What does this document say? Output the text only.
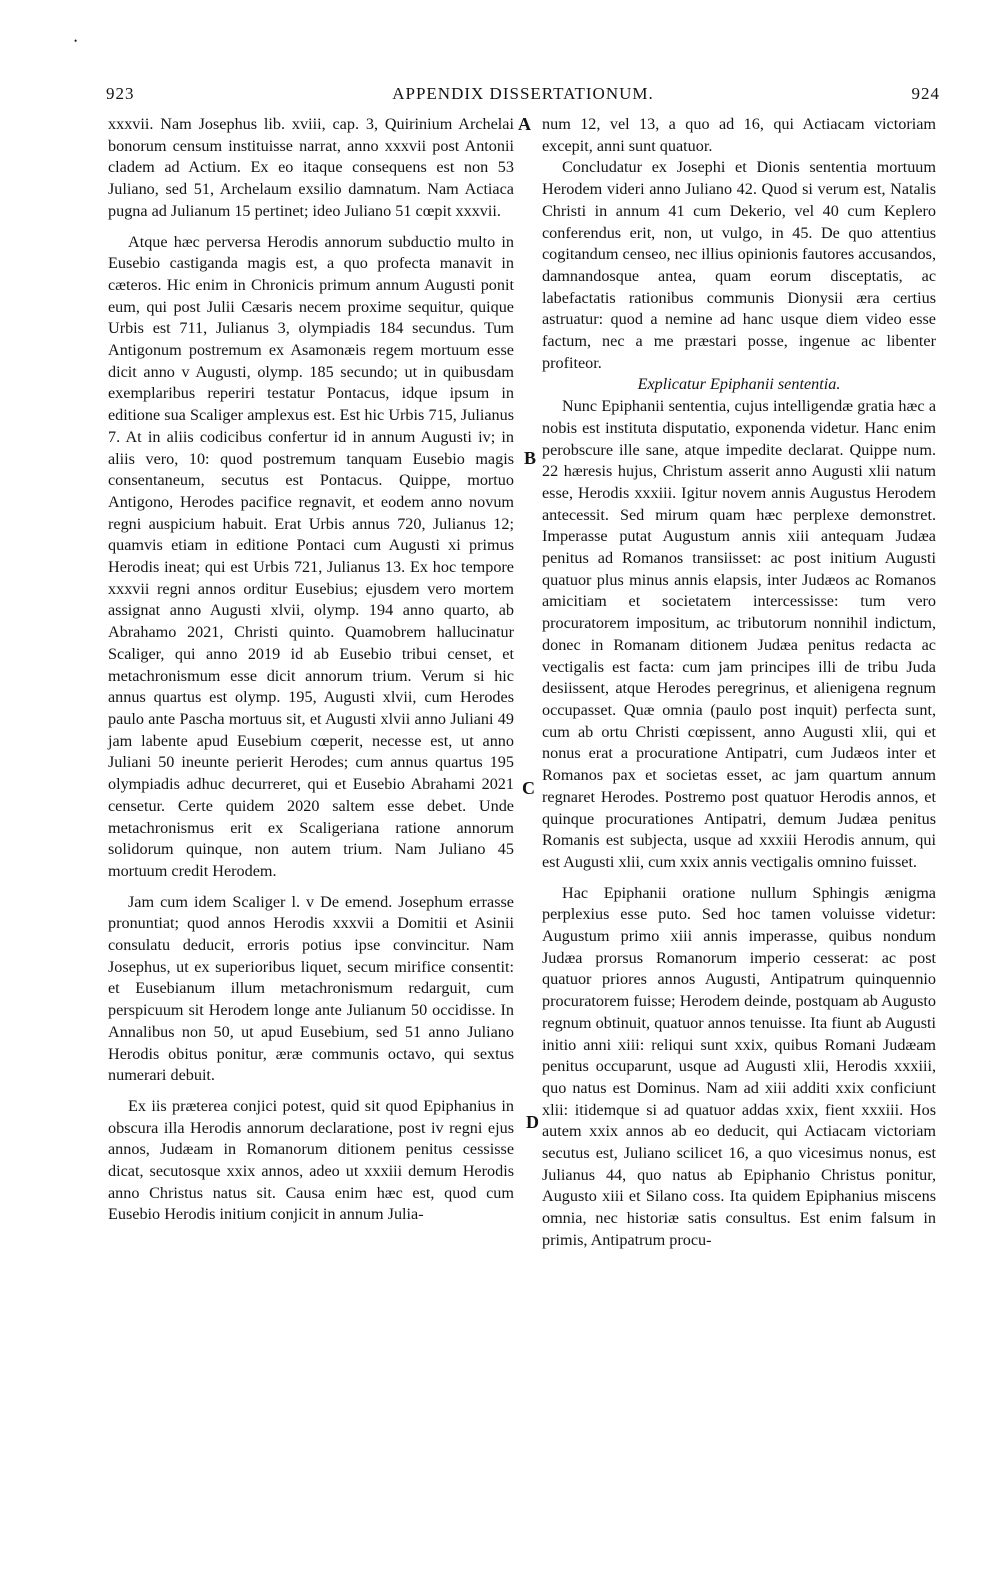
•
APPENDIX DISSERTATIONUM.
923	924

xxxvii. Nam Josephus lib. xviii, cap. 3, Quirinium Archelai bonorum censum instituisse narrat, anno xxxvii post Antonii cladem ad Actium. Ex eo itaque consequens est non 53 Juliano, sed 51, Archelaum exsilio damnatum. Nam Actiaca pugna ad Julianum 15 pertinet; ideo Juliano 51 cœpit xxxvii.

Atque hæc perversa Herodis annorum subductio multo in Eusebio castiganda magis est, a quo profecta manavit in cæteros. Hic enim in Chronicis primum annum Augusti ponit eum, qui post Julii Cæsaris necem proxime sequitur, quique Urbis est 711, Julianus 3, olympiadis 184 secundus. Tum Antigonum postremum ex Asamonæis regem mortuum esse dicit anno v Augusti, olymp. 185 secundo; ut in quibusdam exemplaribus reperiri testatur Pontacus, idque ipsum in editione sua Scaliger amplexus est. Est hic Urbis 715, Julianus 7. At in aliis codicibus confertur id in annum Augusti iv; in aliis vero, 10: quod postremum tanquam Eusebio magis consentaneum, secutus est Pontacus. Quippe, mortuo Antigono, Herodes pacifice regnavit, et eodem anno novum regni auspicium habuit. Erat Urbis annus 720, Julianus 12; quamvis etiam in editione Pontaci cum Augusti xi primus Herodis ineat; qui est Urbis 721, Julianus 13. Ex hoc tempore xxxvii regni annos orditur Eusebius; ejusdem vero mortem assignat anno Augusti xlvii, olymp. 194 anno quarto, ab Abrahamo 2021, Christi quinto. Quamobrem hallucinatur Scaliger, qui anno 2019 id ab Eusebio tribui censet, et metachronismum esse dicit annorum trium. Verum si hic annus quartus est olymp. 195, Augusti xlvii, cum Herodes paulo ante Pascha mortuus sit, et Augusti xlvii anno Juliani 49 jam labente apud Eusebium cœperit, necesse est, ut anno Juliani 50 ineunte perierit Herodes; cum annus quartus 195 olympiadis adhuc decurreret, qui et Eusebio Abrahami 2021 censetur. Certe quidem 2020 saltem esse debet. Unde metachronismus erit ex Scaligeriana ratione annorum solidorum quinque, non autem trium. Nam Juliano 45 mortuum credit Herodem.

Jam cum idem Scaliger l. v De emend. Josephum errasse pronuntiat; quod annos Herodis xxxvii a Domitii et Asinii consulatu deducit, erroris potius ipse convincitur. Nam Josephus, ut ex superioribus liquet, secum mirifice consentit: et Eusebianum illum metachronismum redarguit, cum perspicuum sit Herodem longe ante Julianum 50 occidisse. In Annalibus non 50, ut apud Eusebium, sed 51 anno Juliano Herodis obitus ponitur, æræ communis octavo, qui sextus numerari debuit.

Ex iis præterea conjici potest, quid sit quod Epiphanius in obscura illa Herodis annorum declaratione, post iv regni ejus annos, Judæam in Romanorum ditionem penitus cessisse dicat, secutosque xxix annos, adeo ut xxxiii demum Herodis anno Christus natus sit. Causa enim hæc est, quod cum Eusebio Herodis initium conjicit in annum Julia-

num 12, vel 13, a quo ad 16, qui Actiacam victoriam excepit, anni sunt quatuor.

Concludatur ex Josephi et Dionis sententia mortuum Herodem videri anno Juliano 42. Quod si verum est, Natalis Christi in annum 41 cum Dekerio, vel 40 cum Keplero conferendus erit, non, ut vulgo, in 45. De quo attentius cogitandum censeo, nec illius opinionis fautores accusandos, damnandosque antea, quam eorum disceptatis, ac labefactatis rationibus communis Dionysii æra certius astruatur: quod a nemine ad hanc usque diem video esse factum, nec a me præstari posse, ingenue ac libenter profiteor.

Explicatur Epiphanii sententia.

Nunc Epiphanii sententia, cujus intelligendæ gratia hæc a nobis est instituta disputatio, exponenda videtur. Hanc enim perobscure ille sane, atque impedite declarat. Quippe num. 22 hæresis hujus, Christum asserit anno Augusti xlii natum esse, Herodis xxxiii. Igitur novem annis Augustus Herodem antecessit. Sed mirum quam hæc perplexe demonstret. Imperasse putat Augustum annis xiii antequam Judæa penitus ad Romanos transiisset: ac post initium Augusti quatuor plus minus annis elapsis, inter Judæos ac Romanos amicitiam et societatem intercessisse: tum vero procuratorem impositum, ac tributorum nonnihil indictum, donec in Romanam ditionem Judæa penitus redacta ac vectigalis est facta: cum jam principes illi de tribu Juda desiissent, atque Herodes peregrinus, et alienigena regnum occupasset. Quæ omnia (paulo post inquit) perfecta sunt, cum ab ortu Christi cœpissent, anno Augusti xlii, qui et nonus erat a procuratione Antipatri, cum Judæos inter et Romanos pax et societas esset, ac jam quartum annum regnaret Herodes. Postremo post quatuor Herodis annos, et quinque procurationes Antipatri, demum Judæa penitus Romanis est subjecta, usque ad xxxiii Herodis annum, qui est Augusti xlii, cum xxix annis vectigalis omnino fuisset.

Hac Epiphanii oratione nullum Sphingis ænigma perplexius esse puto. Sed hoc tamen voluisse videtur: Augustum primo xiii annis imperasse, quibus nondum Judæa prorsus Romanorum imperio cesserat: ac post quatuor priores annos Augusti, Antipatrum quinquennio procuratorem fuisse; Herodem deinde, postquam ab Augusto regnum obtinuit, quatuor annos tenuisse. Ita fiunt ab Augusti initio anni xiii: reliqui sunt xxix, quibus Romani Judæam penitus occuparunt, usque ad Augusti xlii, Herodis xxxiii, quo natus est Dominus. Nam ad xiii additi xxix conficiunt xlii: itidemque si ad quatuor addas xxix, fient xxxiii. Hos autem xxix annos ab eo deducit, qui Actiacam victoriam secutus est, Juliano scilicet 16, a quo vicesimus nonus, est Julianus 44, quo natus ab Epiphanio Christus ponitur, Augusto xiii et Silano coss. Ita quidem Epiphanius miscens omnia, nec historiæ satis consultus. Est enim falsum in primis, Antipatrum procu-

A
B
C
D
